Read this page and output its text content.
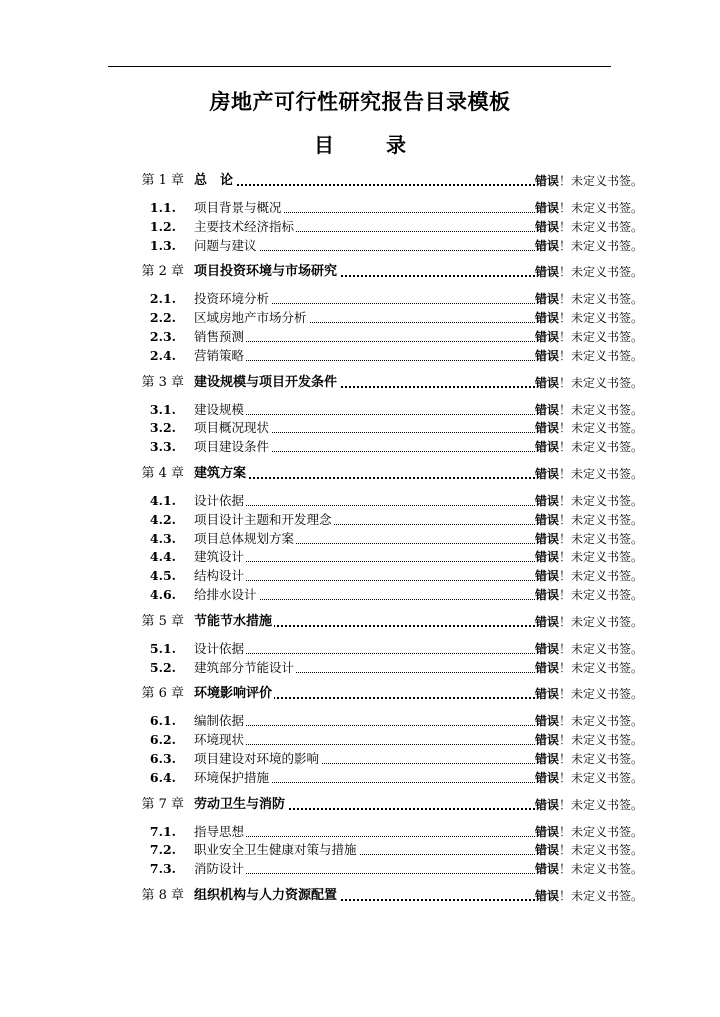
房地产可行性研究报告目录模板
目	录
第 1 章 总　论	错误！未定义书签。
1.1. 项目背景与概况	错误！未定义书签。
1.2. 主要技术经济指标	错误！未定义书签。
1.3. 问题与建议	错误！未定义书签。
第 2 章 项目投资环境与市场研究	错误！未定义书签。
2.1. 投资环境分析	错误！未定义书签。
2.2. 区域房地产市场分析	错误！未定义书签。
2.3. 销售预测	错误！未定义书签。
2.4. 营销策略	错误！未定义书签。
第 3 章 建设规模与项目开发条件	错误！未定义书签。
3.1. 建设规模	错误！未定义书签。
3.2. 项目概况现状	错误！未定义书签。
3.3. 项目建设条件	错误！未定义书签。
第 4 章 建筑方案	错误！未定义书签。
4.1. 设计依据	错误！未定义书签。
4.2. 项目设计主题和开发理念	错误！未定义书签。
4.3. 项目总体规划方案	错误！未定义书签。
4.4. 建筑设计	错误！未定义书签。
4.5. 结构设计	错误！未定义书签。
4.6. 给排水设计	错误！未定义书签。
第 5 章 节能节水措施	错误！未定义书签。
5.1. 设计依据	错误！未定义书签。
5.2. 建筑部分节能设计	错误！未定义书签。
第 6 章 环境影响评价	错误！未定义书签。
6.1. 编制依据	错误！未定义书签。
6.2. 环境现状	错误！未定义书签。
6.3. 项目建设对环境的影响	错误！未定义书签。
6.4. 环境保护措施	错误！未定义书签。
第 7 章 劳动卫生与消防	错误！未定义书签。
7.1. 指导思想	错误！未定义书签。
7.2. 职业安全卫生健康对策与措施	错误！未定义书签。
7.3. 消防设计	错误！未定义书签。
第 8 章 组织机构与人力资源配置	错误！未定义书签。
